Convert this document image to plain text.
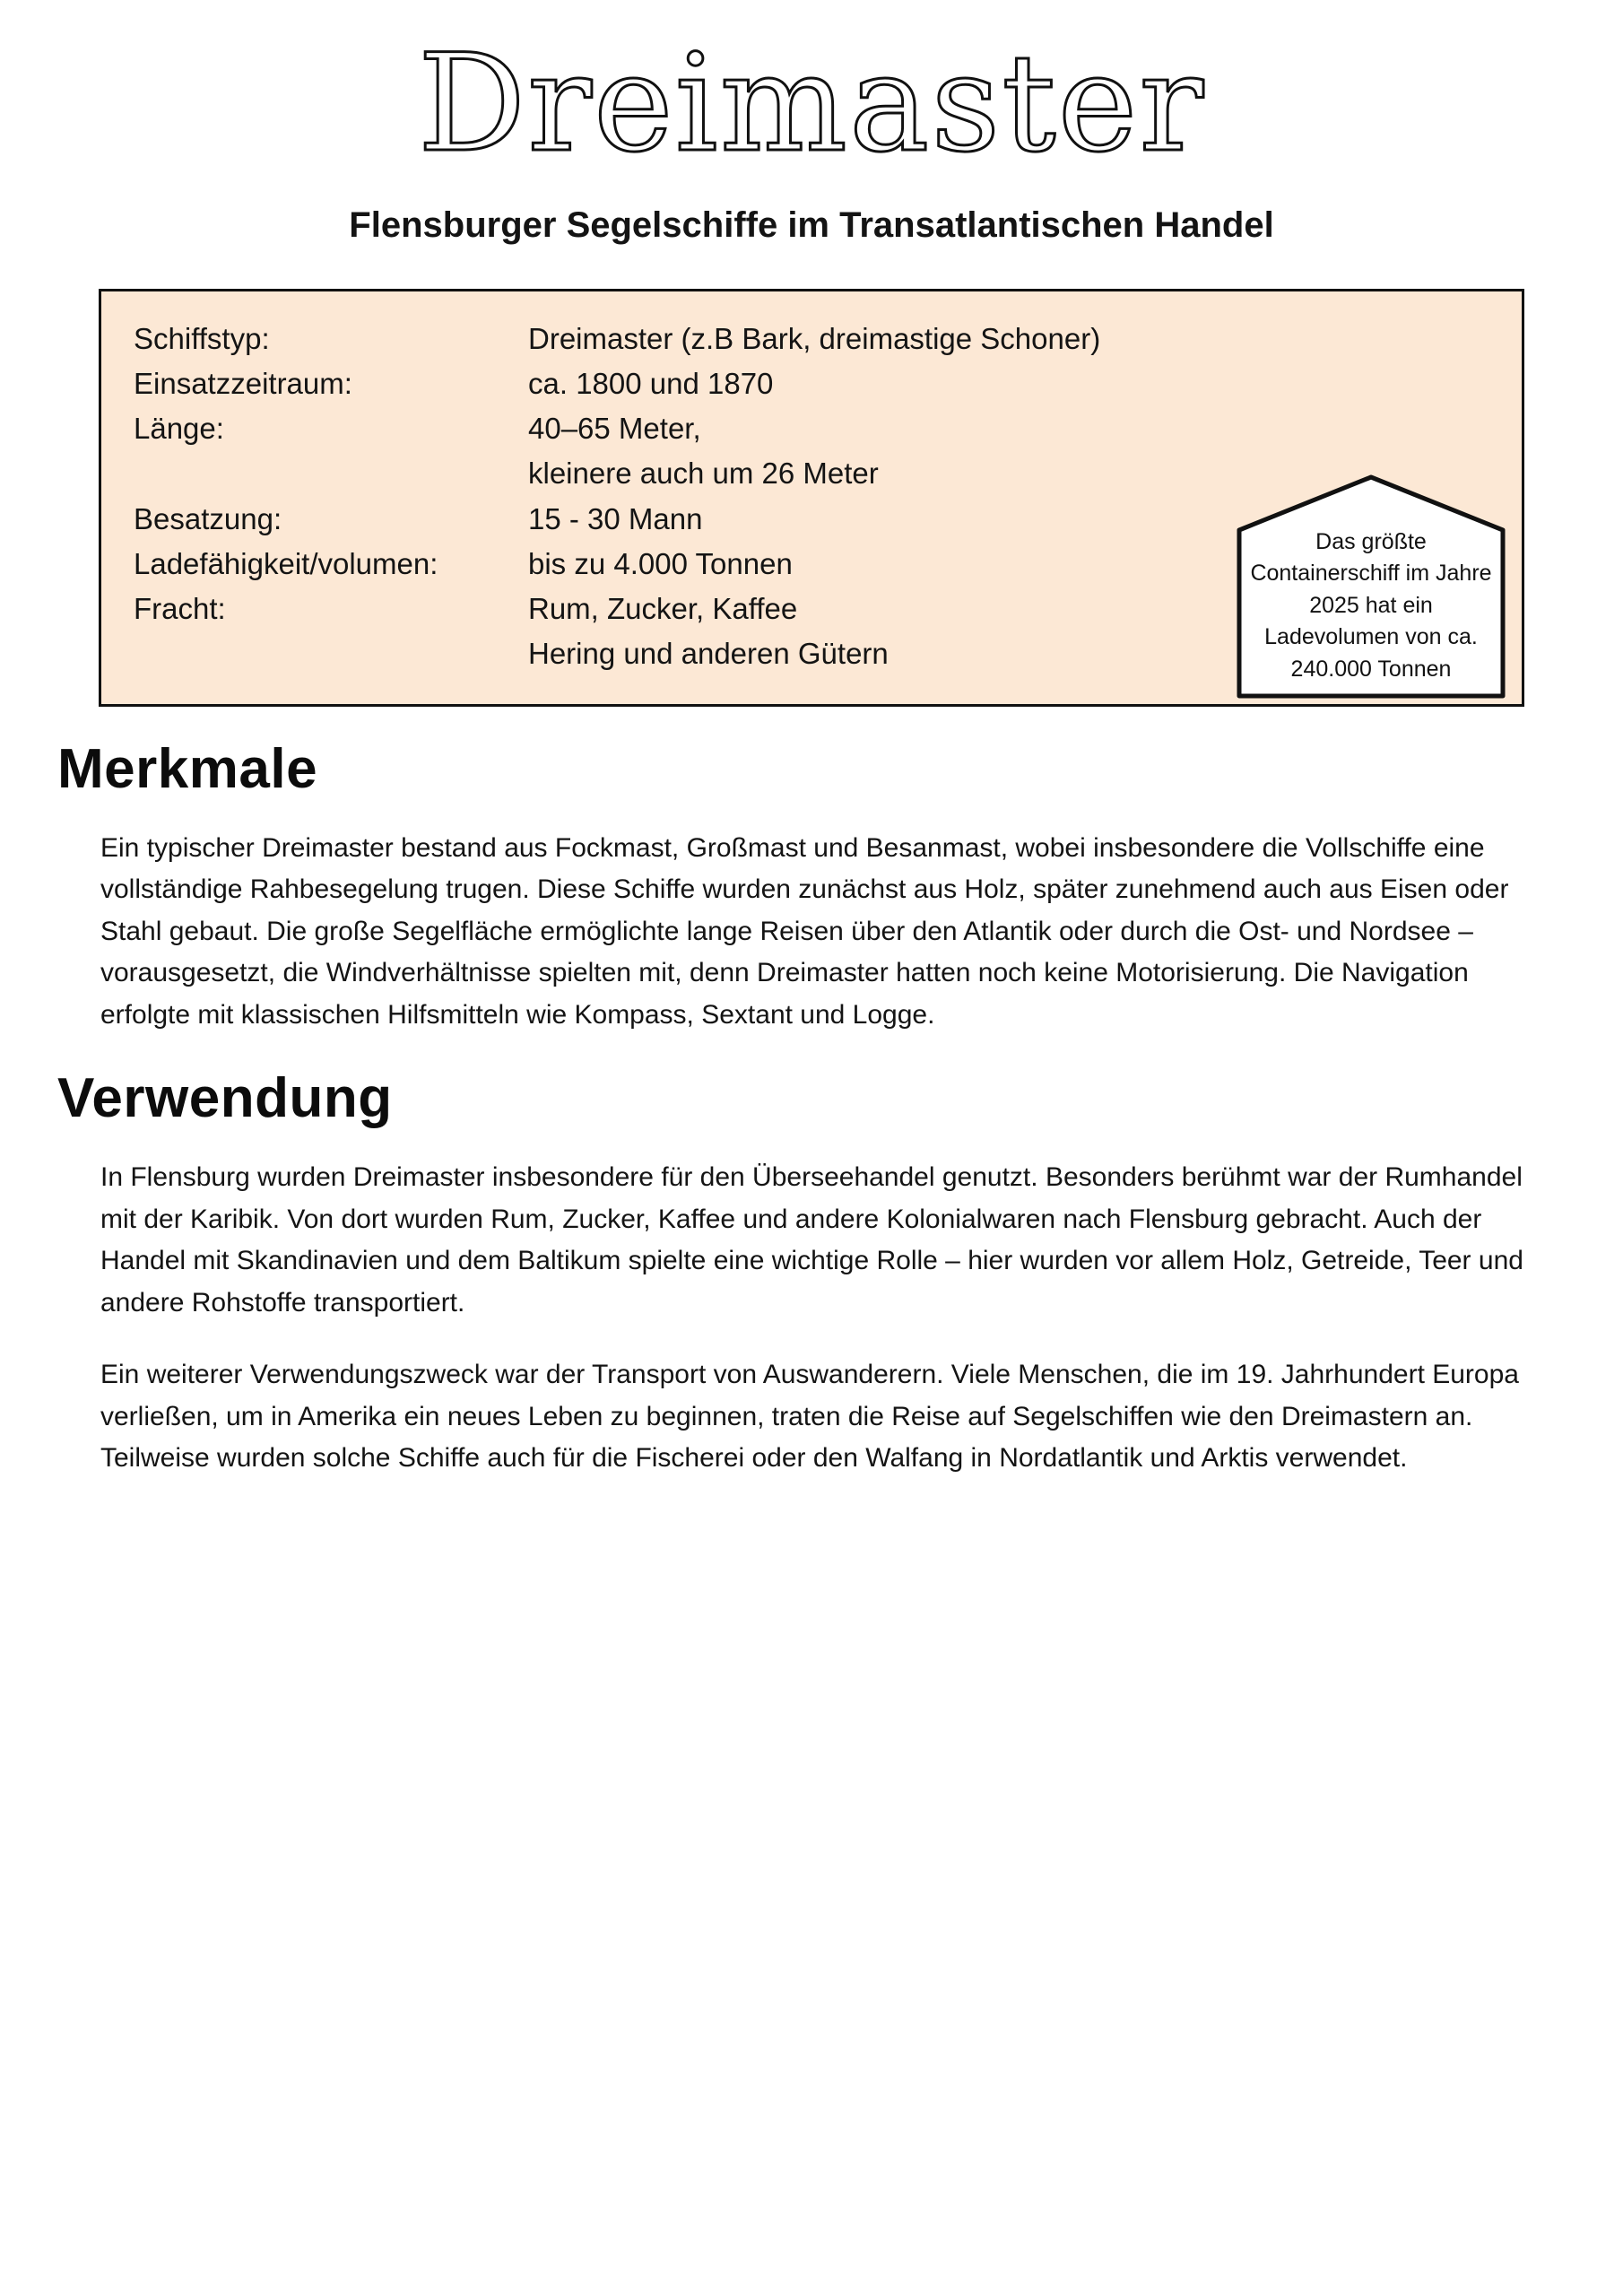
Dreimaster
Flensburger Segelschiffe im Transatlantischen Handel
Schiffstyp:	Dreimaster (z.B Bark, dreimastige Schoner)
Einsatzzeitraum:	ca. 1800 und 1870
Länge:	40–65 Meter,
kleinere auch um 26 Meter

Besatzung:	15 - 30 Mann
Ladefähigkeit/volumen:	bis zu 4.000 Tonnen
Fracht:	Rum, Zucker, Kaffee
Hering und anderen Gütern
Das größte Containerschiff im Jahre 2025 hat ein Ladevolumen von ca. 240.000 Tonnen
Merkmale

Ein typischer Dreimaster bestand aus Fockmast, Großmast und Besanmast, wobei insbesondere die Vollschiffe eine vollständige Rahbesegelung trugen. Diese Schiffe wurden zunächst aus Holz, später zunehmend auch aus Eisen oder Stahl gebaut. Die große Segelfläche ermöglichte lange Reisen über den Atlantik oder durch die Ost- und Nordsee – vorausgesetzt, die Windverhältnisse spielten mit, denn Dreimaster hatten noch keine Motorisierung. Die Navigation erfolgte mit klassischen Hilfsmitteln wie Kompass, Sextant und Logge.

Verwendung

In Flensburg wurden Dreimaster insbesondere für den Überseehandel genutzt. Besonders berühmt war der Rumhandel mit der Karibik. Von dort wurden Rum, Zucker, Kaffee und andere Kolonialwaren nach Flensburg gebracht. Auch der Handel mit Skandinavien und dem Baltikum spielte eine wichtige Rolle – hier wurden vor allem Holz, Getreide, Teer und andere Rohstoffe transportiert.

Ein weiterer Verwendungszweck war der Transport von Auswanderern. Viele Menschen, die im 19. Jahrhundert Europa verließen, um in Amerika ein neues Leben zu beginnen, traten die Reise auf Segelschiffen wie den Dreimastern an. Teilweise wurden solche Schiffe auch für die Fischerei oder den Walfang in Nordatlantik und Arktis verwendet.
